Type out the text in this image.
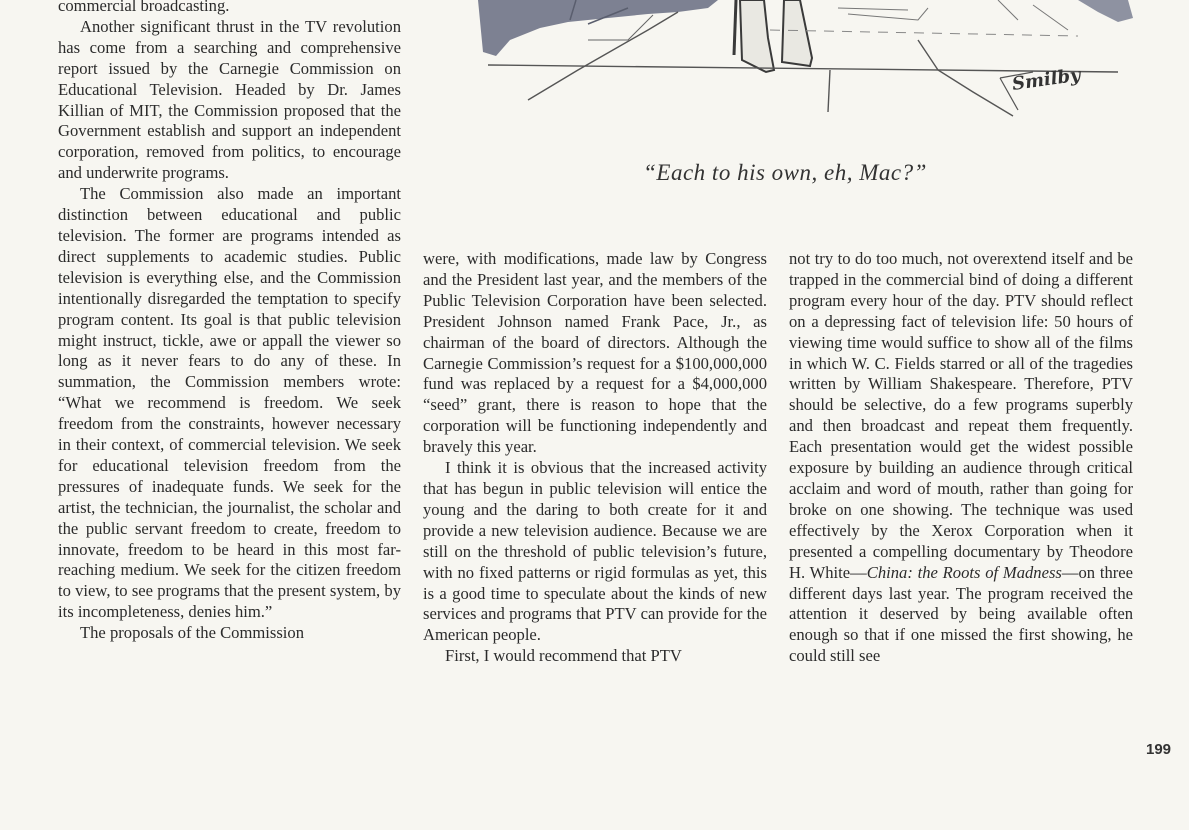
commercial broadcasting.

Another significant thrust in the TV revolution has come from a searching and comprehensive report issued by the Carnegie Commission on Educational Television. Headed by Dr. James Killian of MIT, the Commission proposed that the Government establish and support an independent corporation, removed from politics, to encourage and underwrite programs.

The Commission also made an important distinction between educational and public television. The former are programs intended as direct supplements to academic studies. Public television is everything else, and the Commission intentionally disregarded the temptation to specify program content. Its goal is that public television might instruct, tickle, awe or appall the viewer so long as it never fears to do any of these. In summation, the Commission members wrote: “What we recommend is freedom. We seek freedom from the constraints, however necessary in their context, of commercial television. We seek for educational television freedom from the pressures of inadequate funds. We seek for the artist, the technician, the journalist, the scholar and the public servant freedom to create, freedom to innovate, freedom to be heard in this most far-reaching medium. We seek for the citizen freedom to view, to see programs that the present system, by its incompleteness, denies him.”

The proposals of the Commission

Smilby
“Each to his own, eh, Mac?”

were, with modifications, made law by Congress and the President last year, and the members of the Public Television Corporation have been selected. President Johnson named Frank Pace, Jr., as chairman of the board of directors. Although the Carnegie Commission’s request for a $100,000,000 fund was replaced by a request for a $4,000,000 “seed” grant, there is reason to hope that the corporation will be functioning independently and bravely this year.

I think it is obvious that the increased activity that has begun in public television will entice the young and the daring to both create for it and provide a new television audience. Because we are still on the threshold of public television’s future, with no fixed patterns or rigid formulas as yet, this is a good time to speculate about the kinds of new services and programs that PTV can provide for the American people.

First, I would recommend that PTV

not try to do too much, not overextend itself and be trapped in the commercial bind of doing a different program every hour of the day. PTV should reflect on a depressing fact of television life: 50 hours of viewing time would suffice to show all of the films in which W. C. Fields starred or all of the tragedies written by William Shakespeare. Therefore, PTV should be selective, do a few programs superbly and then broadcast and repeat them frequently. Each presentation would get the widest possible exposure by building an audience through critical acclaim and word of mouth, rather than going for broke on one showing. The technique was used effectively by the Xerox Corporation when it presented a compelling documentary by Theodore H. White—China: the Roots of Madness—on three different days last year. The program received the attention it deserved by being available often enough so that if one missed the first showing, he could still see

199
